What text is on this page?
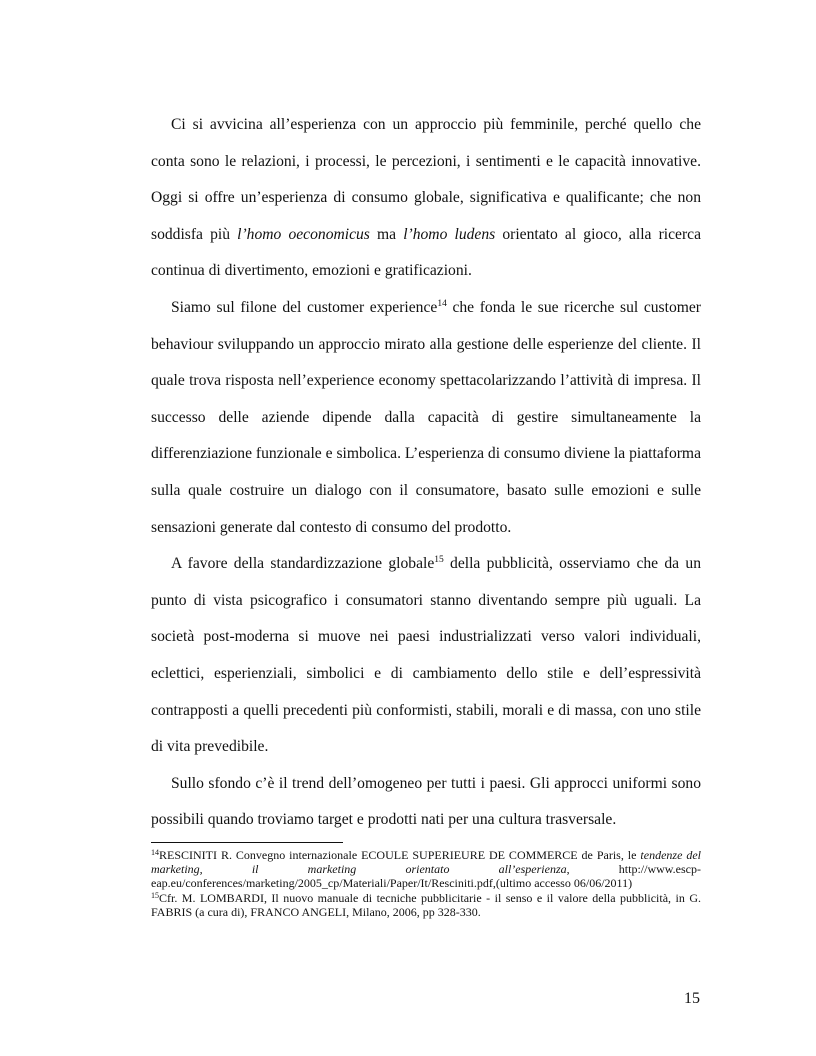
Ci si avvicina all’esperienza con un approccio più femminile, perché quello che conta sono le relazioni, i processi, le percezioni, i sentimenti e le capacità innovative. Oggi si offre un’esperienza di consumo globale, significativa e qualificante; che non soddisfa più l’homo oeconomicus ma l’homo ludens orientato al gioco, alla ricerca continua di divertimento, emozioni e gratificazioni.

Siamo sul filone del customer experience$^{14}$ che fonda le sue ricerche sul customer behaviour sviluppando un approccio mirato alla gestione delle esperienze del cliente. Il quale trova risposta nell’experience economy spettacolarizzando l’attività di impresa. Il successo delle aziende dipende dalla capacità di gestire simultaneamente la differenziazione funzionale e simbolica. L’esperienza di consumo diviene la piattaforma sulla quale costruire un dialogo con il consumatore, basato sulle emozioni e sulle sensazioni generate dal contesto di consumo del prodotto.

A favore della standardizzazione globale$^{15}$ della pubblicità, osserviamo che da un punto di vista psicografico i consumatori stanno diventando sempre più uguali. La società post-moderna si muove nei paesi industrializzati verso valori individuali, eclettici, esperienziali, simbolici e di cambiamento dello stile e dell’espressività contrapposti a quelli precedenti più conformisti, stabili, morali e di massa, con uno stile di vita prevedibile.

Sullo sfondo c’è il trend dell’omogeneo per tutti i paesi. Gli approcci uniformi sono possibili quando troviamo target e prodotti nati per una cultura trasversale.

$^{14}$RESCINITI R. Convegno internazionale ECOULE SUPERIEURE DE COMMERCE de Paris, le tendenze del marketing, il marketing orientato all’esperienza, http://www.escp-eap.eu/conferences/marketing/2005_cp/Materiali/Paper/It/Resciniti.pdf,(ultimo accesso 06/06/2011)

$^{15}$Cfr. M. LOMBARDI, Il nuovo manuale di tecniche pubblicitarie - il senso e il valore della pubblicità, in G. FABRIS (a cura di), FRANCO ANGELI, Milano, 2006, pp 328-330.

15
